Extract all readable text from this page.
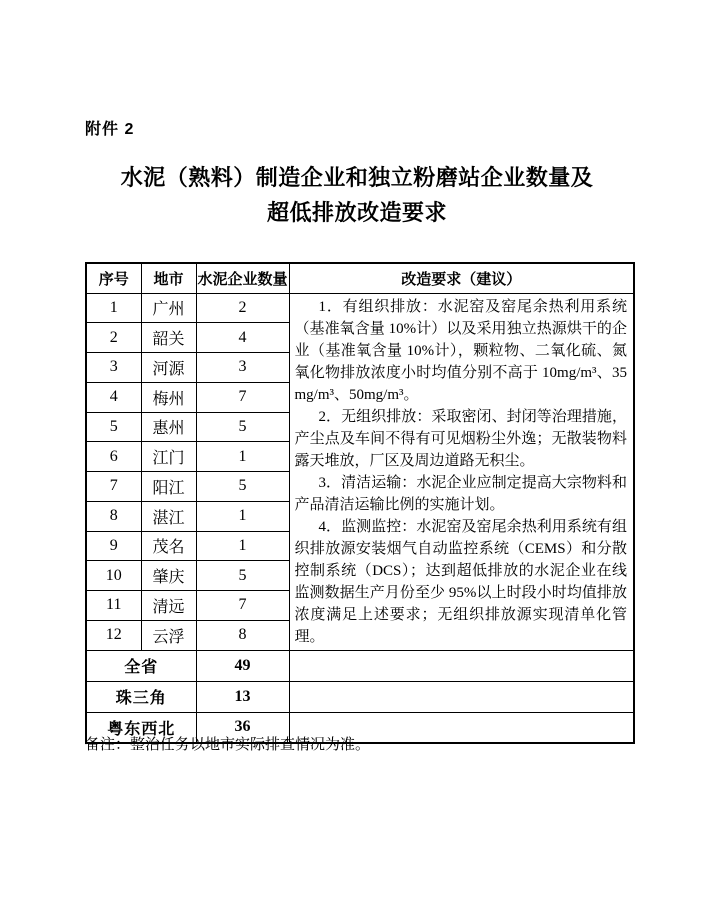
附件 2
水泥（熟料）制造企业和独立粉磨站企业数量及
超低排放改造要求
序号	地市	水泥企业数量	改造要求（建议）
1	广州	2	1．有组织排放：水泥窑及窑尾余热利用系统（基准氧含量 10%计）以及采用独立热源烘干的企业（基准氧含量 10%计），颗粒物、二氧化硫、氮氧化物排放浓度小时均值分别不高于 10mg/m³、35mg/m³、50mg/m³。

2．无组织排放：采取密闭、封闭等治理措施，产尘点及车间不得有可见烟粉尘外逸；无散装物料露天堆放，厂区及周边道路无积尘。

3．清洁运输：水泥企业应制定提高大宗物料和产品清洁运输比例的实施计划。

4．监测监控：水泥窑及窑尾余热利用系统有组织排放源安装烟气自动监控系统（CEMS）和分散控制系统（DCS）；达到超低排放的水泥企业在线监测数据生产月份至少 95%以上时段小时均值排放浓度满足上述要求；无组织排放源实现清单化管理。

2	韶关	4	
3	河源	3	
4	梅州	7	
5	惠州	5	
6	江门	1	
7	阳江	5	
8	湛江	1	
9	茂名	1	
10	肇庆	5	
11	清远	7	
12	云浮	8	
全省		49	
珠三角		13	
粤东西北		36	
备注：整治任务以地市实际排查情况为准。
